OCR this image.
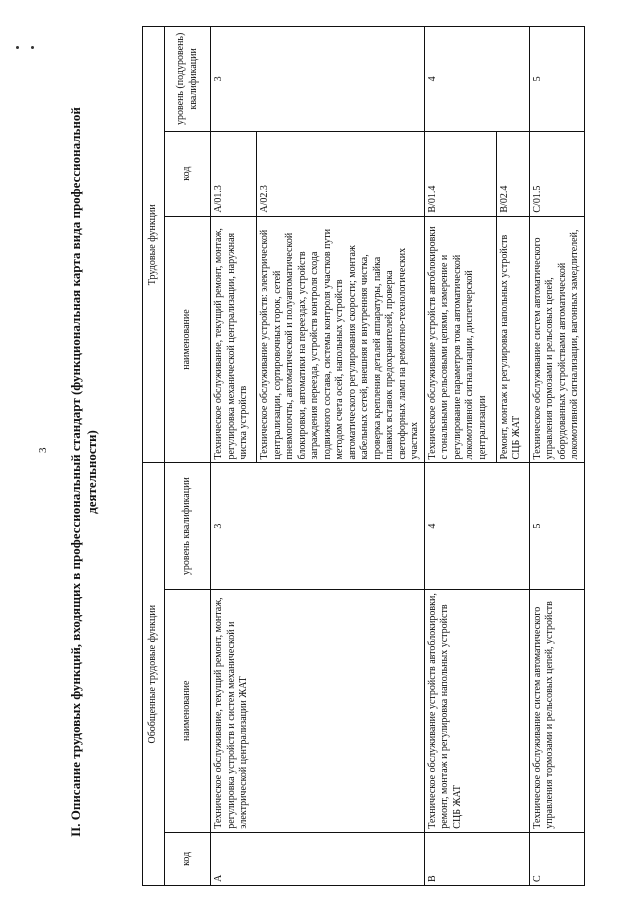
3 II. Описание трудовых функций, входящих в профессиональный стандарт (функциональная карта вида профессиональной деятельности)
Обобщенные трудовые функции			Трудовые функции		
код	наименование	уровень квалификации	наименование	код	уровень (подуровень) квалификации
A	Техническое обслуживание, текущий ремонт, монтаж, регулировка устройств и систем механической и электрической централизации ЖАТ	3	Техническое обслуживание, текущий ремонт, монтаж, регулировка механической централизации, наружная чистка устройств	A/01.3	3
			Техническое обслуживание устройств: электрической централизации, сортировочных горок, сетей пневмопочты, автоматической и полуавтоматической блокировки, автоматики на переездах, устройств заграждения переезда, устройств контроля схода подвижного состава, системы контроля участков пути методом счета осей, напольных устройств автоматического регулирования скорости; монтаж кабельных сетей, внешняя и внутренняя чистка, проверка крепления деталей аппаратуры, пайка плавких вставок предохранителей, проверка светофорных ламп на ремонтно-технологических участках	A/02.3	
B	Техническое обслуживание устройств автоблокировки, ремонт, монтаж и регулировка напольных устройств СЦБ ЖАТ	4	Техническое обслуживание устройств автоблокировки с тональными рельсовыми цепями, измерение и регулирование параметров тока автоматической локомотивной сигнализации, диспетчерской централизации	B/01.4	4
			Ремонт, монтаж и регулировка напольных устройств СЦБ ЖАТ	B/02.4	
C	Техническое обслуживание систем автоматического управления тормозами и рельсовых цепей, устройств	5	Техническое обслуживание систем автоматического управления тормозами и рельсовых цепей, оборудованных устройствами автоматической локомотивной сигнализации, вагонных замедлителей,	C/01.5	5
